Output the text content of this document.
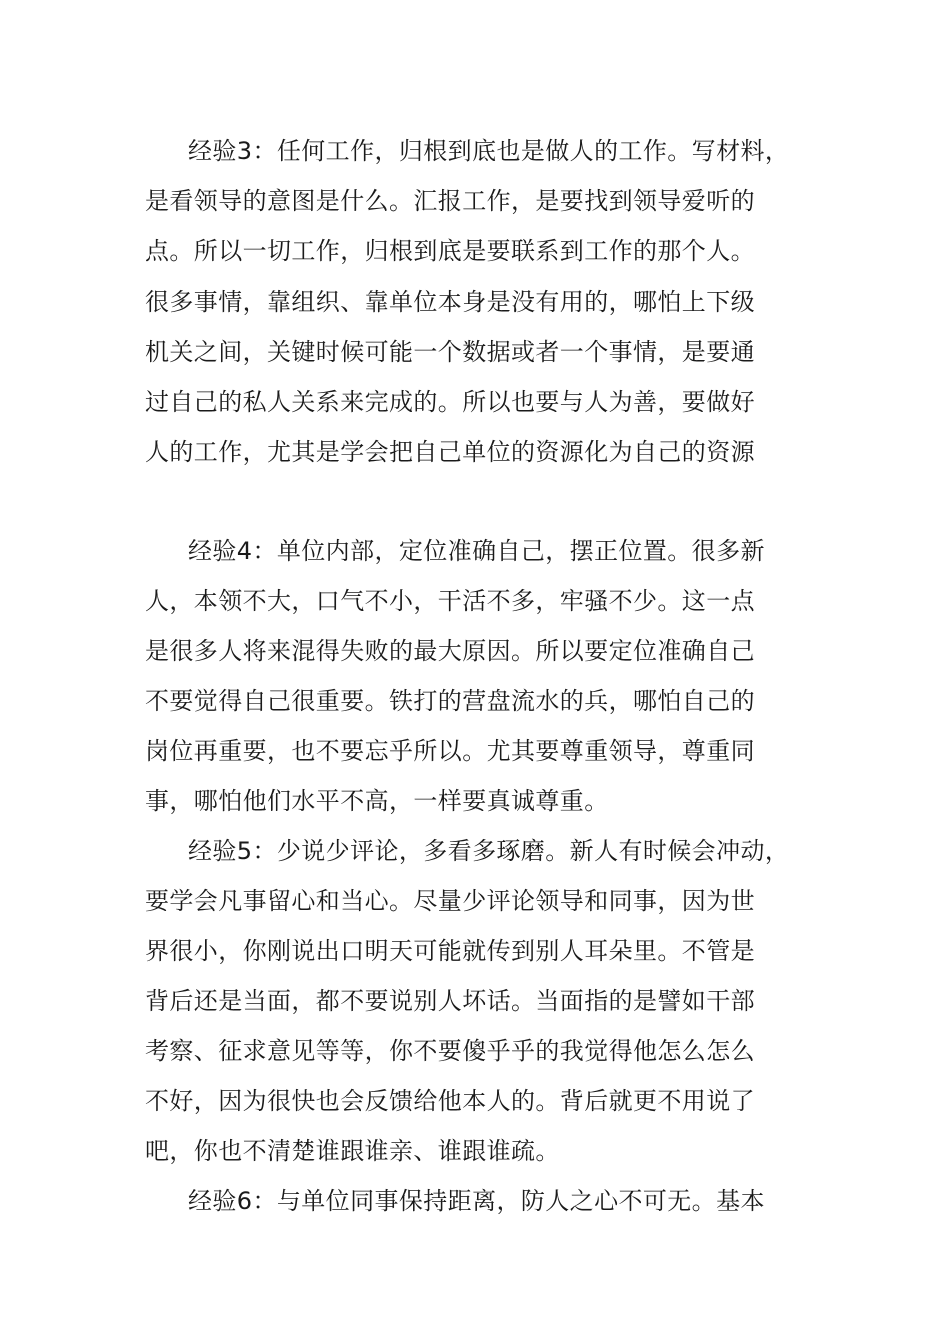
经验3：任何工作，归根到底也是做人的工作。写材料，
是看领导的意图是什么。汇报工作，是要找到领导爱听的
点。所以一切工作，归根到底是要联系到工作的那个人。
很多事情，靠组织、靠单位本身是没有用的，哪怕上下级
机关之间，关键时候可能一个数据或者一个事情，是要通
过自己的私人关系来完成的。所以也要与人为善，要做好
人的工作，尤其是学会把自己单位的资源化为自己的资源
经验4：单位内部，定位准确自己，摆正位置。很多新
人，本领不大，口气不小，干活不多，牢骚不少。这一点
是很多人将来混得失败的最大原因。所以要定位准确自己
不要觉得自己很重要。铁打的营盘流水的兵，哪怕自己的
岗位再重要，也不要忘乎所以。尤其要尊重领导，尊重同
事，哪怕他们水平不高，一样要真诚尊重。
经验5：少说少评论，多看多琢磨。新人有时候会冲动，
要学会凡事留心和当心。尽量少评论领导和同事，因为世
界很小，你刚说出口明天可能就传到别人耳朵里。不管是
背后还是当面，都不要说别人坏话。当面指的是譬如干部
考察、征求意见等等，你不要傻乎乎的我觉得他怎么怎么
不好，因为很快也会反馈给他本人的。背后就更不用说了
吧，你也不清楚谁跟谁亲、谁跟谁疏。
经验6：与单位同事保持距离，防人之心不可无。基本
